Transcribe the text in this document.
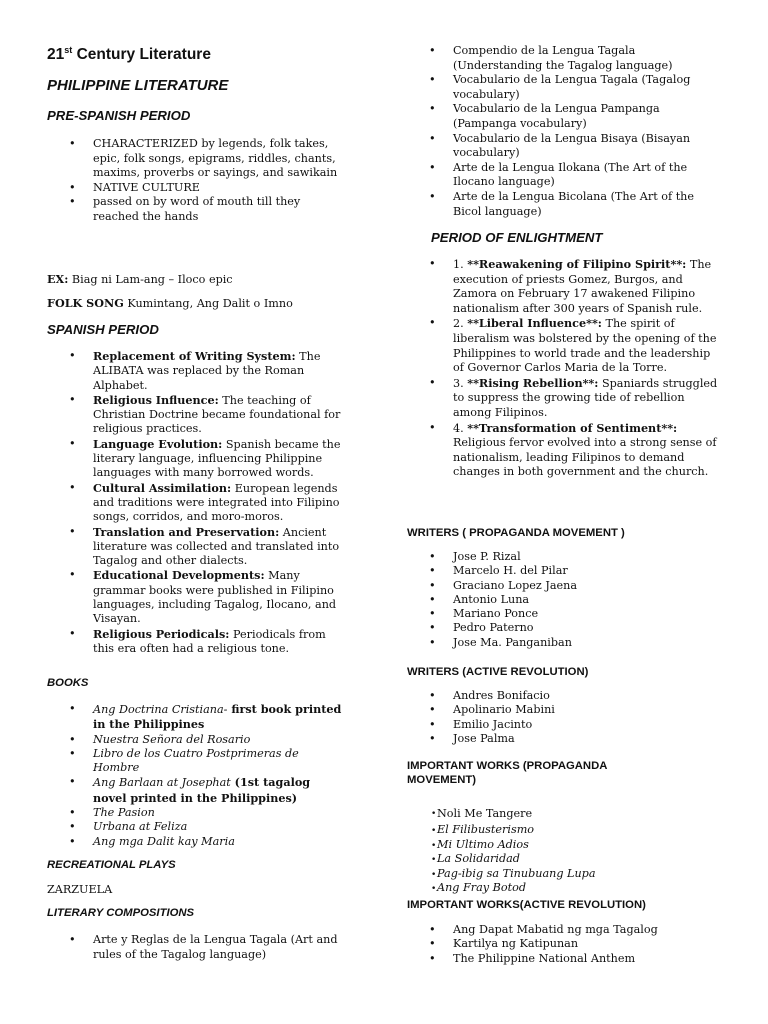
21st Century Literature
PHILIPPINE LITERATURE
PRE-SPANISH PERIOD
• CHARACTERIZED by legends, folk takes, epic, folk songs, epigrams, riddles, chants,
maxims, proverbs or sayings, and sawikain
• NATIVE CULTURE
• passed on by word of mouth till they reached the hands
EX: Biag ni Lam-ang – Iloco epic
FOLK SONG Kumintang, Ang Dalit o Imno
SPANISH PERIOD
• Replacement of Writing System: The ALIBATA was replaced by the Roman Alphabet.
• Religious Influence: The teaching of Christian Doctrine became foundational for religious practices.
• Language Evolution: Spanish became the literary language, influencing Philippine languages with many borrowed words.
• Cultural Assimilation: European legends and traditions were integrated into Filipino songs, corridos, and moro-moros.
• Translation and Preservation: Ancient literature was collected and translated into Tagalog and other dialects.
• Educational Developments: Many grammar books were published in Filipino languages, including Tagalog, Ilocano, and Visayan.
• Religious Periodicals: Periodicals from this era often had a religious tone.
BOOKS
• Ang Doctrina Cristiana- first book printed in the Philippines
• Nuestra Señora del Rosario
• Libro de los Cuatro Postprimeras de Hombre
• Ang Barlaan at Josephat (1st tagalog novel printed in the Philippines)
• The Pasion
• Urbana at Feliza
• Ang mga Dalit kay Maria
RECREATIONAL PLAYS
ZARZUELA
LITERARY COMPOSITIONS
• Arte y Reglas de la Lengua Tagala (Art and rules of the Tagalog language)
• Compendio de la Lengua Tagala (Understanding the Tagalog language)
• Vocabulario de la Lengua Tagala (Tagalog vocabulary)
• Vocabulario de la Lengua Pampanga (Pampanga vocabulary)
• Vocabulario de la Lengua Bisaya (Bisayan vocabulary)
• Arte de la Lengua Ilokana (The Art of the Ilocano language)
• Arte de la Lengua Bicolana (The Art of the Bicol language)
PERIOD OF ENLIGHTMENT
• 1. **Reawakening of Filipino Spirit**: The execution of priests Gomez, Burgos, and Zamora on February 17 awakened Filipino nationalism after 300 years of Spanish rule.
• 2. **Liberal Influence**: The spirit of liberalism was bolstered by the opening of the Philippines to world trade and the leadership of Governor Carlos Maria de la Torre.
• 3. **Rising Rebellion**: Spaniards struggled to suppress the growing tide of rebellion among Filipinos.
• 4. **Transformation of Sentiment**: Religious fervor evolved into a strong sense of nationalism, leading Filipinos to demand changes in both government and the church.
WRITERS ( PROPAGANDA MOVEMENT )
• Jose P. Rizal
• Marcelo H. del Pilar
• Graciano Lopez Jaena
• Antonio Luna
• Mariano Ponce
• Pedro Paterno
• Jose Ma. Panganiban
WRITERS (ACTIVE REVOLUTION)
• Andres Bonifacio
• Apolinario Mabini
• Emilio Jacinto
• Jose Palma
IMPORTANT WORKS (PROPAGANDA MOVEMENT)
• Noli Me Tangere
• El Filibusterismo
• Mi Ultimo Adios
• La Solidaridad
• Pag-ibig sa Tinubuang Lupa
• Ang Fray Botod
IMPORTANT WORKS(ACTIVE REVOLUTION)
• Ang Dapat Mabatid ng mga Tagalog
• Kartilya ng Katipunan
• The Philippine National Anthem
